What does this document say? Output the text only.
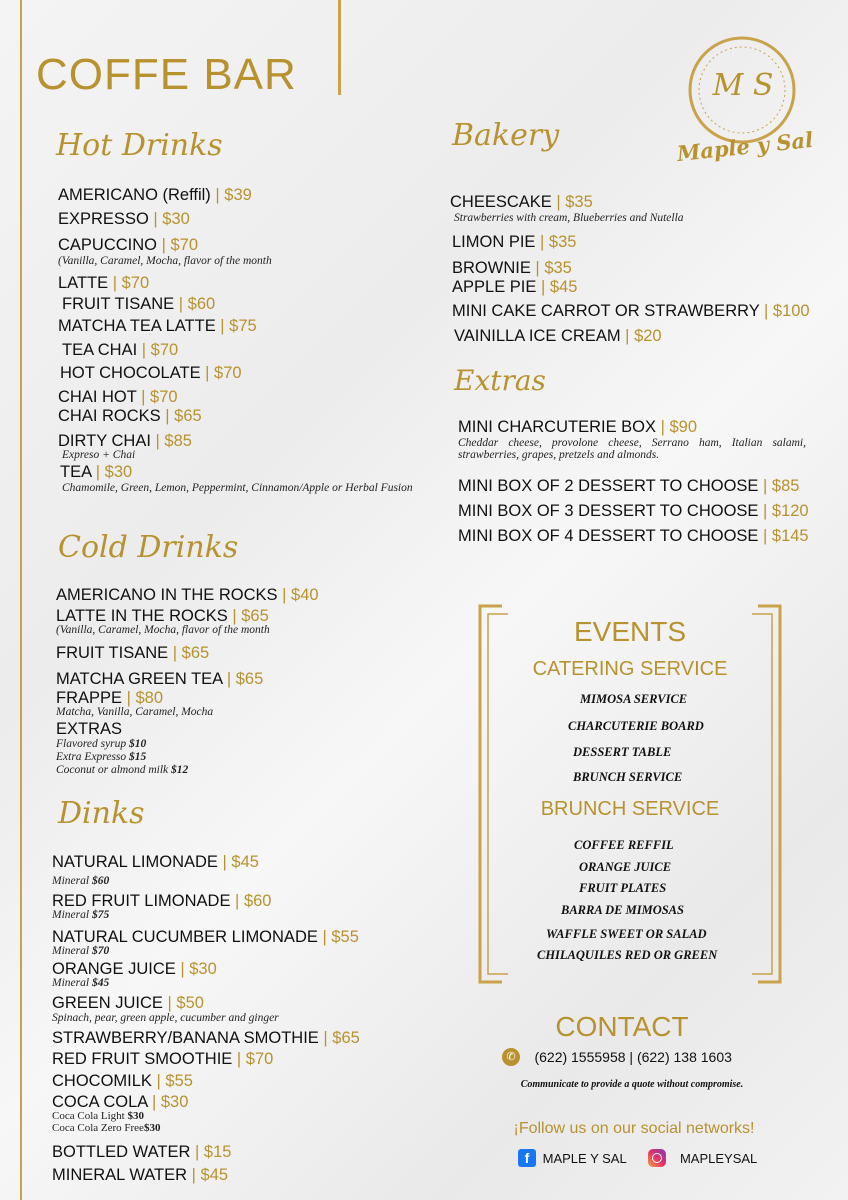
COFFE BAR	M S
Maple y Sal
Hot Drinks
AMERICANO (Reffil) | $39
EXPRESSO | $30
CAPUCCINO | $70
LATTE | $70
FRUIT TISANE | $60
MATCHA TEA LATTE | $75
TEA CHAI | $70
HOT CHOCOLATE | $70
CHAI HOT | $70
CHAI ROCKS | $65
DIRTY CHAI | $85
TEA | $30
(Vanilla, Caramel, Mocha, flavor of the month
Expreso + Chai
Chamomile, Green, Lemon, Peppermint, Cinnamon/Apple or Herbal Fusion
Cold Drinks
AMERICANO IN THE ROCKS | $40
LATTE IN THE ROCKS | $65
FRUIT TISANE | $65
MATCHA GREEN TEA | $65
FRAPPE | $80
(Vanilla, Caramel, Mocha, flavor of the month
Matcha, Vanilla, Caramel, Mocha
EXTRAS
Flavored syrup $10
Extra Expresso $15
Coconut or almond milk $12
Dinks
NATURAL LIMONADE | $45
RED FRUIT LIMONADE | $60
NATURAL CUCUMBER LIMONADE | $55
ORANGE JUICE | $30
GREEN JUICE | $50
STRAWBERRY/BANANA SMOTHIE | $65
RED FRUIT SMOOTHIE | $70
CHOCOMILK | $55
COCA COLA | $30
BOTTLED WATER | $15
MINERAL WATER | $45
Mineral $60
Mineral $75
Mineral $70
Mineral $45
Spinach, pear, green apple, cucumber and ginger
Coca Cola Light $30
Coca Cola Zero Free$30
Bakery
CHEESCAKE | $35
LIMON PIE | $35
BROWNIE | $35
APPLE PIE | $45
MINI CAKE CARROT OR STRAWBERRY | $100
VAINILLA ICE CREAM | $20
Strawberries with cream, Blueberries and Nutella
Extras
MINI CHARCUTERIE BOX | $90
MINI BOX OF 2 DESSERT TO CHOOSE | $85
MINI BOX OF 3 DESSERT TO CHOOSE | $120
MINI BOX OF 4 DESSERT TO CHOOSE | $145
Cheddar cheese, provolone cheese, Serrano ham, Italian salami, strawberries, grapes, pretzels and almonds.
EVENTS
CATERING SERVICE
MIMOSA SERVICE
CHARCUTERIE BOARD
DESSERT TABLE
BRUNCH SERVICE
BRUNCH SERVICE
COFFEE REFFIL
ORANGE JUICE
FRUIT PLATES
BARRA DE MIMOSAS
WAFFLE SWEET OR SALAD
CHILAQUILES RED OR GREEN
CONTACT
✆ (622) 1555958 | (622) 138 1603
Communicate to provide a quote without compromise.
¡Follow us on our social networks!
f MAPLE Y SAL	MAPLEYSAL
